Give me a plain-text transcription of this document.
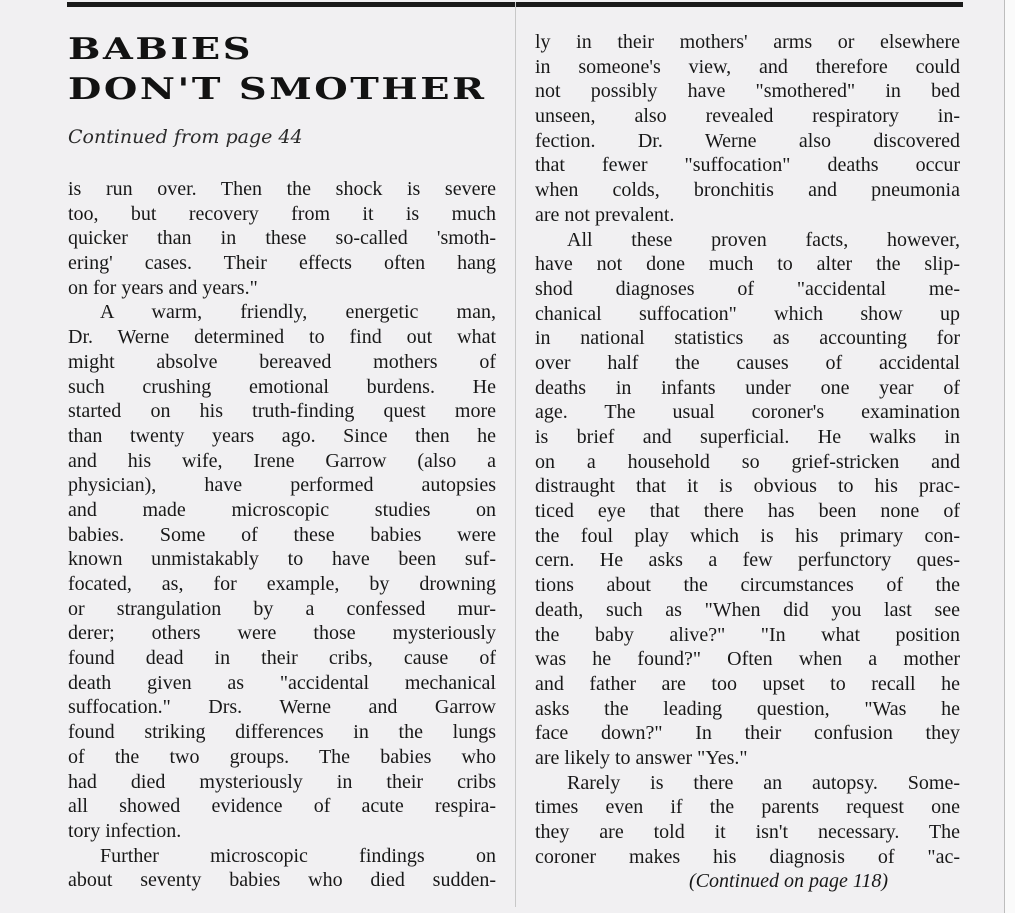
BABIES
DON'T SMOTHER

Continued from page 44

is run over. Then the shock is severe
too, but recovery from it is much
quicker than in these so-called 'smoth-
ering' cases. Their effects often hang
on for years and years."
A warm, friendly, energetic man,
Dr. Werne determined to find out what
might absolve bereaved mothers of
such crushing emotional burdens. He
started on his truth-finding quest more
than twenty years ago. Since then he
and his wife, Irene Garrow (also a
physician), have performed autopsies
and made microscopic studies on
babies. Some of these babies were
known unmistakably to have been suf-
focated, as, for example, by drowning
or strangulation by a confessed mur-
derer; others were those mysteriously
found dead in their cribs, cause of
death given as "accidental mechanical
suffocation." Drs. Werne and Garrow
found striking differences in the lungs
of the two groups. The babies who
had died mysteriously in their cribs
all showed evidence of acute respira-
tory infection.
Further microscopic findings on
about seventy babies who died sudden-
ly in their mothers' arms or elsewhere
in someone's view, and therefore could
not possibly have "smothered" in bed
unseen, also revealed respiratory in-
fection. Dr. Werne also discovered
that fewer "suffocation" deaths occur
when colds, bronchitis and pneumonia
are not prevalent.
All these proven facts, however,
have not done much to alter the slip-
shod diagnoses of "accidental me-
chanical suffocation" which show up
in national statistics as accounting for
over half the causes of accidental
deaths in infants under one year of
age. The usual coroner's examination
is brief and superficial. He walks in
on a household so grief-stricken and
distraught that it is obvious to his prac-
ticed eye that there has been none of
the foul play which is his primary con-
cern. He asks a few perfunctory ques-
tions about the circumstances of the
death, such as "When did you last see
the baby alive?" "In what position
was he found?" Often when a mother
and father are too upset to recall he
asks the leading question, "Was he
face down?" In their confusion they
are likely to answer "Yes."
Rarely is there an autopsy. Some-
times even if the parents request one
they are told it isn't necessary. The
coroner makes his diagnosis of "ac-
(Continued on page 118)
